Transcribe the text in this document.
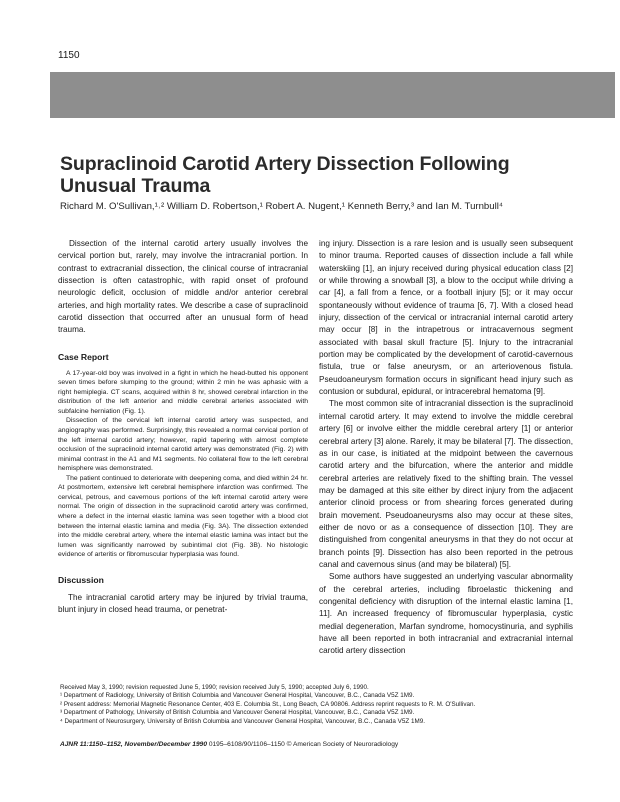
1150
Supraclinoid Carotid Artery Dissection Following Unusual Trauma
Richard M. O'Sullivan,¹˒² William D. Robertson,¹ Robert A. Nugent,¹ Kenneth Berry,³ and Ian M. Turnbull⁴

Dissection of the internal carotid artery usually involves the cervical portion but, rarely, may involve the intracranial portion. In contrast to extracranial dissection, the clinical course of intracranial dissection is often catastrophic, with rapid onset of profound neurologic deficit, occlusion of middle and/or anterior cerebral arteries, and high mortality rates. We describe a case of supraclinoid carotid dissection that occurred after an unusual form of head trauma.

Case Report

A 17-year-old boy was involved in a fight in which he head-butted his opponent seven times before slumping to the ground; within 2 min he was aphasic with a right hemiplegia. CT scans, acquired within 8 hr, showed cerebral infarction in the distribution of the left anterior and middle cerebral arteries associated with subfalcine herniation (Fig. 1).

Dissection of the cervical left internal carotid artery was suspected, and angiography was performed. Surprisingly, this revealed a normal cervical portion of the left internal carotid artery; however, rapid tapering with almost complete occlusion of the supraclinoid internal carotid artery was demonstrated (Fig. 2) with minimal contrast in the A1 and M1 segments. No collateral flow to the left cerebral hemisphere was demonstrated.

The patient continued to deteriorate with deepening coma, and died within 24 hr. At postmortem, extensive left cerebral hemisphere infarction was confirmed. The cervical, petrous, and cavernous portions of the left internal carotid artery were normal. The origin of dissection in the supraclinoid carotid artery was confirmed, where a defect in the internal elastic lamina was seen together with a blood clot between the internal elastic lamina and media (Fig. 3A). The dissection extended into the middle cerebral artery, where the internal elastic lamina was intact but the lumen was significantly narrowed by subintimal clot (Fig. 3B). No histologic evidence of arteritis or fibromuscular hyperplasia was found.

Discussion

The intracranial carotid artery may be injured by trivial trauma, blunt injury in closed head trauma, or penetrat-

ing injury. Dissection is a rare lesion and is usually seen subsequent to minor trauma. Reported causes of dissection include a fall while waterskiing [1], an injury received during physical education class [2] or while throwing a snowball [3], a blow to the occiput while driving a car [4], a fall from a fence, or a football injury [5]; or it may occur spontaneously without evidence of trauma [6, 7]. With a closed head injury, dissection of the cervical or intracranial internal carotid artery may occur [8] in the intrapetrous or intracavernous segment associated with basal skull fracture [5]. Injury to the intracranial portion may be complicated by the development of carotid-cavernous fistula, true or false aneurysm, or an arteriovenous fistula. Pseudoaneurysm formation occurs in significant head injury such as contusion or subdural, epidural, or intracerebral hematoma [9].

The most common site of intracranial dissection is the supraclinoid internal carotid artery. It may extend to involve the middle cerebral artery [6] or involve either the middle cerebral artery [1] or anterior cerebral artery [3] alone. Rarely, it may be bilateral [7]. The dissection, as in our case, is initiated at the midpoint between the cavernous carotid artery and the bifurcation, where the anterior and middle cerebral arteries are relatively fixed to the shifting brain. The vessel may be damaged at this site either by direct injury from the adjacent anterior clinoid process or from shearing forces generated during brain movement. Pseudoaneurysms also may occur at these sites, either de novo or as a consequence of dissection [10]. They are distinguished from congenital aneurysms in that they do not occur at branch points [9]. Dissection has also been reported in the petrous canal and cavernous sinus (and may be bilateral) [5].

Some authors have suggested an underlying vascular abnormality of the cerebral arteries, including fibroelastic thickening and congenital deficiency with disruption of the internal elastic lamina [1, 11]. An increased frequency of fibromuscular hyperplasia, cystic medial degeneration, Marfan syndrome, homocystinuria, and syphilis have all been reported in both intracranial and extracranial internal carotid artery dissection

Received May 3, 1990; revision requested June 5, 1990; revision received July 5, 1990; accepted July 6, 1990.

¹ Department of Radiology, University of British Columbia and Vancouver General Hospital, Vancouver, B.C., Canada V5Z 1M9.

² Present address: Memorial Magnetic Resonance Center, 403 E. Columbia St., Long Beach, CA 90806. Address reprint requests to R. M. O'Sullivan.

³ Department of Pathology, University of British Columbia and Vancouver General Hospital, Vancouver, B.C., Canada V5Z 1M9.

⁴ Department of Neurosurgery, University of British Columbia and Vancouver General Hospital, Vancouver, B.C., Canada V5Z 1M9.

AJNR 11:1150–1152, November/December 1990 0195–6108/90/1106–1150 © American Society of Neuroradiology
